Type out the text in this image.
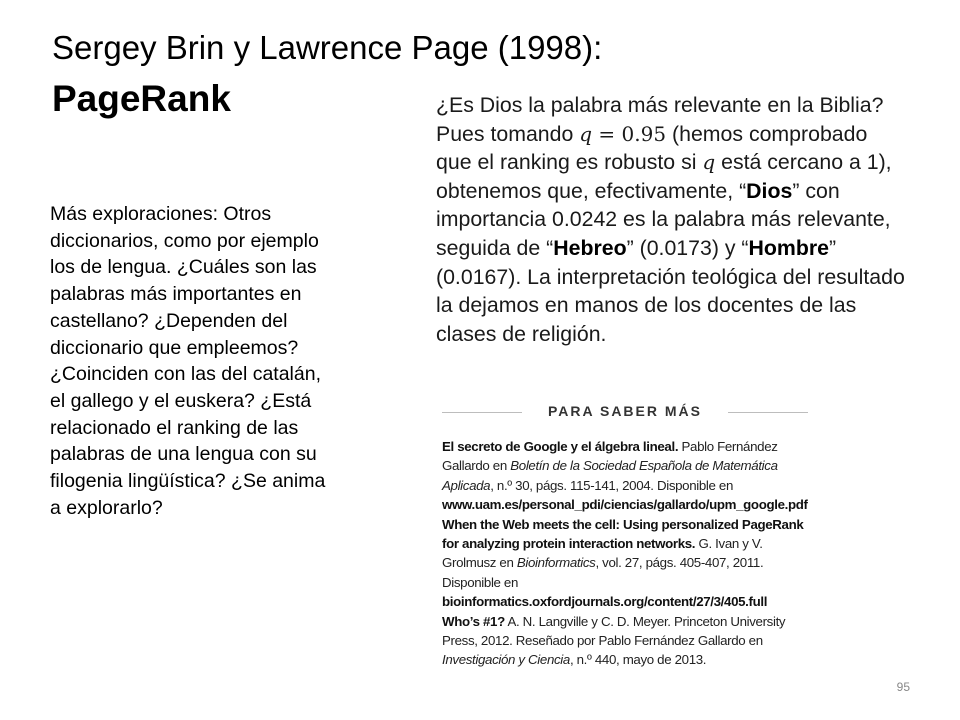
Sergey Brin y Lawrence Page (1998):
PageRank

Más exploraciones: Otros diccionarios, como por ejemplo los de lengua. ¿Cuáles son las palabras más importantes en castellano? ¿Dependen del diccionario que empleemos? ¿Coinciden con las del catalán, el gallego y el euskera? ¿Está relacionado el ranking de las palabras de una lengua con su filogenia lingüística? ¿Se anima a explorarlo?

¿Es Dios la palabra más relevante en la Biblia? Pues tomando q = 0.95 (hemos comprobado que el ranking es robusto si q está cercano a 1), obtenemos que, efectivamente, “Dios” con importancia 0.0242 es la palabra más relevante, seguida de “Hebreo” (0.0173) y “Hombre” (0.0167). La interpretación teológica del resultado la dejamos en manos de los docentes de las clases de religión.

PARA SABER MÁS

El secreto de Google y el álgebra lineal. Pablo Fernández Gallardo en Boletín de la Sociedad Española de Matemática Aplicada, n.º 30, págs. 115-141, 2004. Disponible en www.uam.es/personal_pdi/ciencias/gallardo/upm_google.pdf

When the Web meets the cell: Using personalized PageRank for analyzing protein interaction networks. G. Ivan y V. Grolmusz en Bioinformatics, vol. 27, págs. 405-407, 2011. Disponible en bioinformatics.oxfordjournals.org/content/27/3/405.full

Who’s #1? A. N. Langville y C. D. Meyer. Princeton University Press, 2012. Reseñado por Pablo Fernández Gallardo en Investigación y Ciencia, n.º 440, mayo de 2013.

95
